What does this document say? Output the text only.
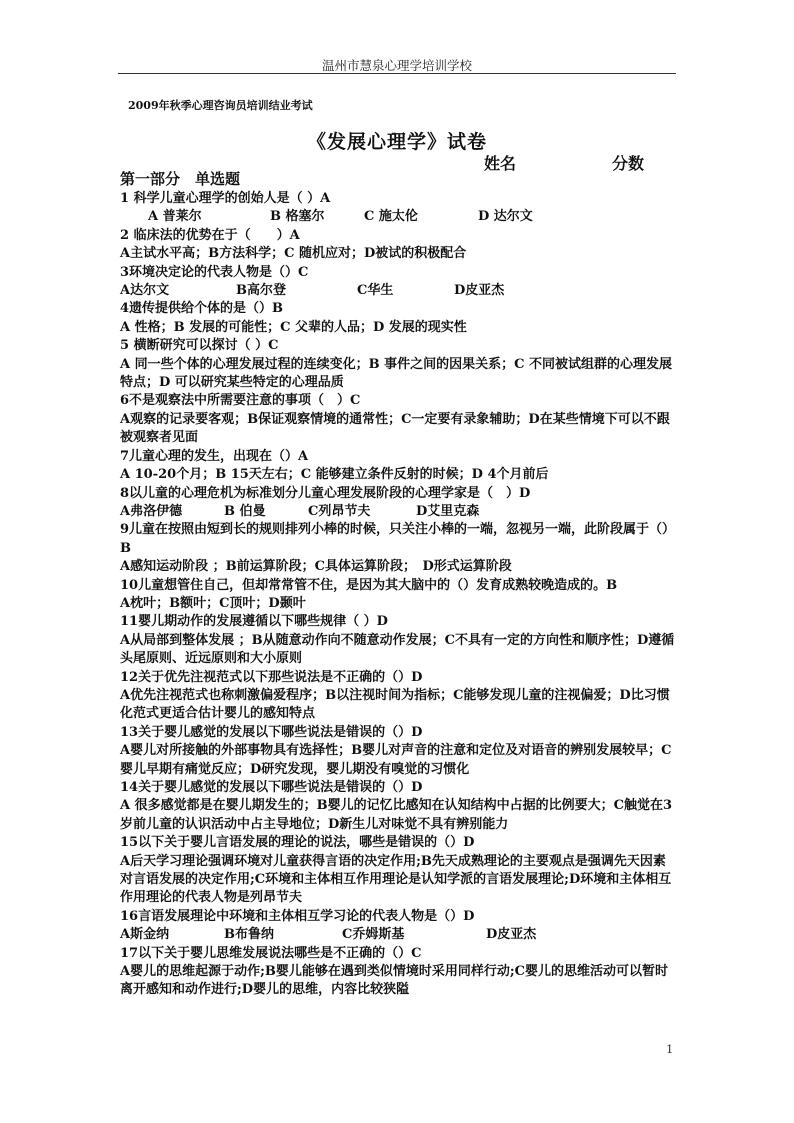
温州市慧泉心理学培训学校
2009年秋季心理咨询员培训结业考试
《发展心理学》试卷
姓名	分数
第一部分　单选题
1 科学儿童心理学的创始人是（ ）A
A 普莱尔	B 格塞尔	C 施太伦	D 达尔文
2 临床法的优势在于（　　）A
A主试水平高；B方法科学；C 随机应对；D被试的积极配合
3环境决定论的代表人物是（）C
A达尔文	B高尔登	C华生	D皮亚杰
4遗传提供给个体的是（）B
A 性格；B 发展的可能性；C 父辈的人品；D 发展的现实性
5 横断研究可以探讨（ ）C
A 同一些个体的心理发展过程的连续变化；B 事件之间的因果关系；C 不同被试组群的心理发展特点；D 可以研究某些特定的心理品质
6不是观察法中所需要注意的事项（　）C
A观察的记录要客观；B保证观察情境的通常性；C一定要有录象辅助；D在某些情境下可以不跟被观察者见面
7儿童心理的发生，出现在（）A
A 10-20个月；B 15天左右；C 能够建立条件反射的时候；D 4个月前后
8以儿童的心理危机为标准划分儿童心理发展阶段的心理学家是（　）D
A弗洛伊德	B 伯曼	C列昂节夫	D艾里克森
9儿童在按照由短到长的规则排列小棒的时候，只关注小棒的一端，忽视另一端，此阶段属于（）B
A感知运动阶段 ；B前运算阶段；C具体运算阶段；　D形式运算阶段
10儿童想管住自己，但却常常管不住，是因为其大脑中的（）发育成熟较晚造成的。B
A枕叶；B额叶；C顶叶；D颞叶
11婴儿期动作的发展遵循以下哪些规律（ ）D
A从局部到整体发展 ；B从随意动作向不随意动作发展；C不具有一定的方向性和顺序性；D遵循头尾原则、近远原则和大小原则
12关于优先注视范式以下那些说法是不正确的（）D
A优先注视范式也称刺激偏爱程序；B以注视时间为指标；C能够发现儿童的注视偏爱；D比习惯化范式更适合估计婴儿的感知特点
13关于婴儿感觉的发展以下哪些说法是错误的（）D
A婴儿对所接触的外部事物具有选择性；B婴儿对声音的注意和定位及对语音的辨别发展较早；C婴儿早期有痛觉反应；D研究发现，婴儿期没有嗅觉的习惯化
14关于婴儿感觉的发展以下哪些说法是错误的（）D
A 很多感觉都是在婴儿期发生的；B婴儿的记忆比感知在认知结构中占据的比例要大；C触觉在3岁前儿童的认识活动中占主导地位；D新生儿对味觉不具有辨别能力
15以下关于婴儿言语发展的理论的说法，哪些是错误的（）D
A后天学习理论强调环境对儿童获得言语的决定作用;B先天成熟理论的主要观点是强调先天因素对言语发展的决定作用;C环境和主体相互作用理论是认知学派的言语发展理论;D环境和主体相互作用理论的代表人物是列昂节夫
16言语发展理论中环境和主体相互学习论的代表人物是（）D
A斯金纳	B布鲁纳	C乔姆斯基	D皮亚杰
17以下关于婴儿思维发展说法哪些是不正确的（）C
A婴儿的思维起源于动作;B婴儿能够在遇到类似情境时采用同样行动;C婴儿的思维活动可以暂时离开感知和动作进行;D婴儿的思维，内容比较狭隘
1
